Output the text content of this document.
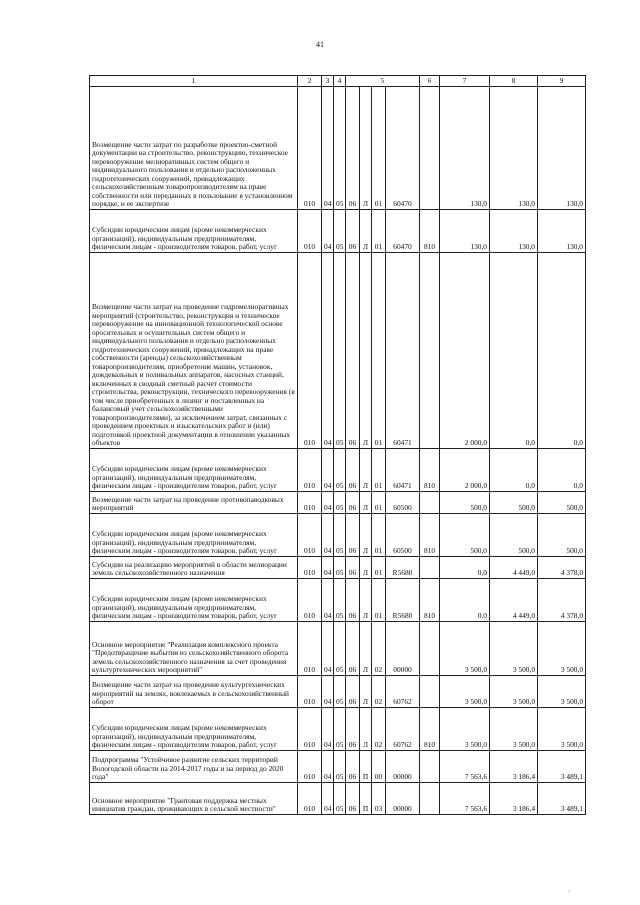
41
1	2	3	4	5				6	7	8	9
Возмещение части затрат по разработке проектно-сметной документации на строительство, реконструкцию, техническое перевооружение мелиоративных систем общего и индивидуального пользования и отдельно расположенных гидротехнических сооружений, принадлежащих сельскохозяйственным товаропроизводителям на праве собственности или переданных в пользование в установленном порядке, и ее экспертизе	010	04	05	06	Л	01	60470		130,0	130,0	130,0
Субсидии юридическим лицам (кроме некоммерческих организаций), индивидуальным предпринимателям, физическим лицам - производителям товаров, работ, услуг	010	04	05	06	Л	01	60470	810	130,0	130,0	130,0
Возмещение части затрат на проведение гидромелиоративных мероприятий (строительство, реконструкция и техническое перевооружение на инновационной технологической основе оросительных и осушительных систем общего и индивидуального пользования и отдельно расположенных гидротехнических сооружений, принадлежащих на праве собственности (аренды) сельскохозяйственным товаропроизводителям, приобретение машин, установок, дождевальных и поливальных аппаратов, насосных станций, включенных в сводный сметный расчет стоимости строительства, реконструкции, технического перевооружения (в том числе приобретенных в лизинг и поставленных на балансовый учет сельскохозяйственными товаропроизводителями), за исключением затрат, связанных с проведением проектных и изыскательских работ и (или) подготовкой проектной документации в отношении указанных объектов	010	04	05	06	Л	01	60471		2 000,0	0,0	0,0
Субсидии юридическим лицам (кроме некоммерческих организаций), индивидуальным предпринимателям, физическим лицам - производителям товаров, работ, услуг	010	04	05	06	Л	01	60471	810	2 000,0	0,0	0,0
Возмещение части затрат на проведение противопаводковых мероприятий	010	04	05	06	Л	01	60500		500,0	500,0	500,0
Субсидии юридическим лицам (кроме некоммерческих организаций), индивидуальным предпринимателям, физическим лицам - производителям товаров, работ, услуг	010	04	05	06	Л	01	60500	810	500,0	500,0	500,0
Субсидии на реализацию мероприятий в области мелиорации земель сельскохозяйственного назначения	010	04	05	06	Л	01	R5680		0,0	4 449,0	4 378,0
Субсидии юридическим лицам (кроме некоммерческих организаций), индивидуальным предпринимателям, физическим лицам - производителям товаров, работ, услуг	010	04	05	06	Л	01	R5680	810	0,0	4 449,0	4 378,0
Основное мероприятие "Реализация комплексного проекта "Предотвращение выбытия из сельскохозяйственного оборота земель сельскохозяйственного назначения за счет проведения культуртехнических мероприятий"	010	04	05	06	Л	02	00000		3 500,0	3 500,0	3 500,0
Возмещение части затрат на проведение культуртехнических мероприятий на землях, вовлекаемых в сельскохозяйственный оборот	010	04	05	06	Л	02	60762		3 500,0	3 500,0	3 500,0
Субсидии юридическим лицам (кроме некоммерческих организаций), индивидуальным предпринимателям, физическим лицам - производителям товаров, работ, услуг	010	04	05	06	Л	02	60762	810	3 500,0	3 500,0	3 500,0
Подпрограмма "Устойчивое развитие сельских территорий Вологодской области на 2014-2017 годы и на период до 2020 года"	010	04	05	06	П	00	00000		7 563,6	3 186,4	3 489,1
Основное мероприятие "Грантовая поддержка местных инициатив граждан, проживающих в сельской местности"	010	04	05	06	П	03	00000		7 563,6	3 186,4	3 489,1
,
